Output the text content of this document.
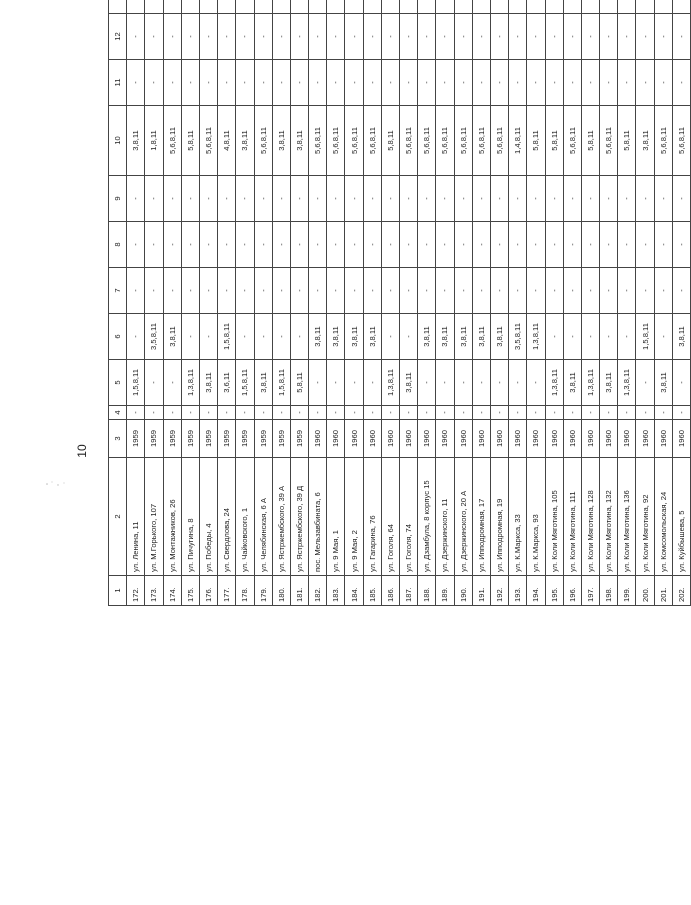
10
1	2	3	4	5	6	7	8	9	10	11	12			
172.	ул. Ленина, 11	1959	-	1,5,8,11	-	-	-	-	3,8,11	-	-			
173.	ул. М.Горького, 107	1959	-	-	3,5,8,11	-	-	-	1,8,11	-	-			
174.	ул. Монтажников, 26	1959	-	-	3,8,11	-	-	-	5,6,8,11	-	-			
175.	ул. Пичугина, 8	1959	-	1,3,8,11	-	-	-	-	5,8,11	-	-			
176.	ул. Победы, 4	1959	-	3,8,11	-	-	-	-	5,6,8,11	-	-			
177.	ул. Свердлова, 24	1959	-	3,6,11	1,5,8,11	-	-	-	4,8,11	-	-			
178.	ул. Чайковского, 1	1959	-	1,5,8,11	-	-	-	-	3,8,11	-	-			
179.	ул. Челябинская, 6 А	1959	-	3,8,11	-	-	-	-	5,6,8,11	-	-			
180.	ул. Ястржембского, 39 А	1959	-	1,5,8,11	-	-	-	-	3,8,11	-	-			
181.	ул. Ястржембского, 39 Д	1959	-	5,8,11	-	-	-	-	3,8,11	-	-			
182.	пос. Мельзавбината, 6	1960	-	-	3,8,11	-	-	-	5,6,8,11	-	-			
183.	ул. 9 Мая, 1	1960	-	-	3,8,11	-	-	-	5,6,8,11	-	-			
184.	ул. 9 Мая, 2	1960	-	-	3,8,11	-	-	-	5,6,8,11	-	-			
185.	ул. Гагарина, 76	1960	-	-	3,8,11	-	-	-	5,6,8,11	-	-			
186.	ул. Гоголя, 64	1960	-	1,3,8,11	-	-	-	-	5,8,11	-	-			
187.	ул. Гоголя, 74	1960	-	3,8,11	-	-	-	-	5,6,8,11	-	-			
188.	ул. Дзамбула, 8 корпус 15	1960	-	-	3,8,11	-	-	-	5,6,8,11	-	-			
189.	ул. Дзержинского, 11	1960	-	-	3,8,11	-	-	-	5,6,8,11	-	-			
190.	ул. Дзержинского, 20 А	1960	-	-	3,8,11	-	-	-	5,6,8,11	-	-			
191.	ул. Ипподромная, 17	1960	-	-	3,8,11	-	-	-	5,6,8,11	-	-			
192.	ул. Ипподромная, 19	1960	-	-	3,8,11	-	-	-	5,6,8,11	-	-			
193.	ул. К.Маркса, 33	1960	-	-	3,5,8,11	-	-	-	1,4,8,11	-	-			
194.	ул. К.Маркса, 93	1960	-	-	1,3,8,11	-	-	-	5,8,11	-	-			
195.	ул. Коли Мяготина, 105	1960	-	1,3,8,11	-	-	-	-	5,8,11	-	-			
196.	ул. Коли Мяготина, 111	1960	-	3,8,11	-	-	-	-	5,6,8,11	-	-			
197.	ул. Коли Мяготина, 128	1960	-	1,3,8,11	-	-	-	-	5,8,11	-	-			
198.	ул. Коли Мяготина, 132	1960	-	3,8,11	-	-	-	-	5,6,8,11	-	-			
199.	ул. Коли Мяготина, 136	1960	-	1,3,8,11	-	-	-	-	5,8,11	-	-			
200.	ул. Коли Мяготина, 92	1960	-	-	1,5,8,11	-	-	-	3,8,11	-	-			
201.	ул. Комсомольская, 24	1960	-	3,8,11	-	-	-	-	5,6,8,11	-	-			
202.	ул. Куйбышева, 5	1960	-	-	3,8,11	-	-	-	5,6,8,11	-	-			
